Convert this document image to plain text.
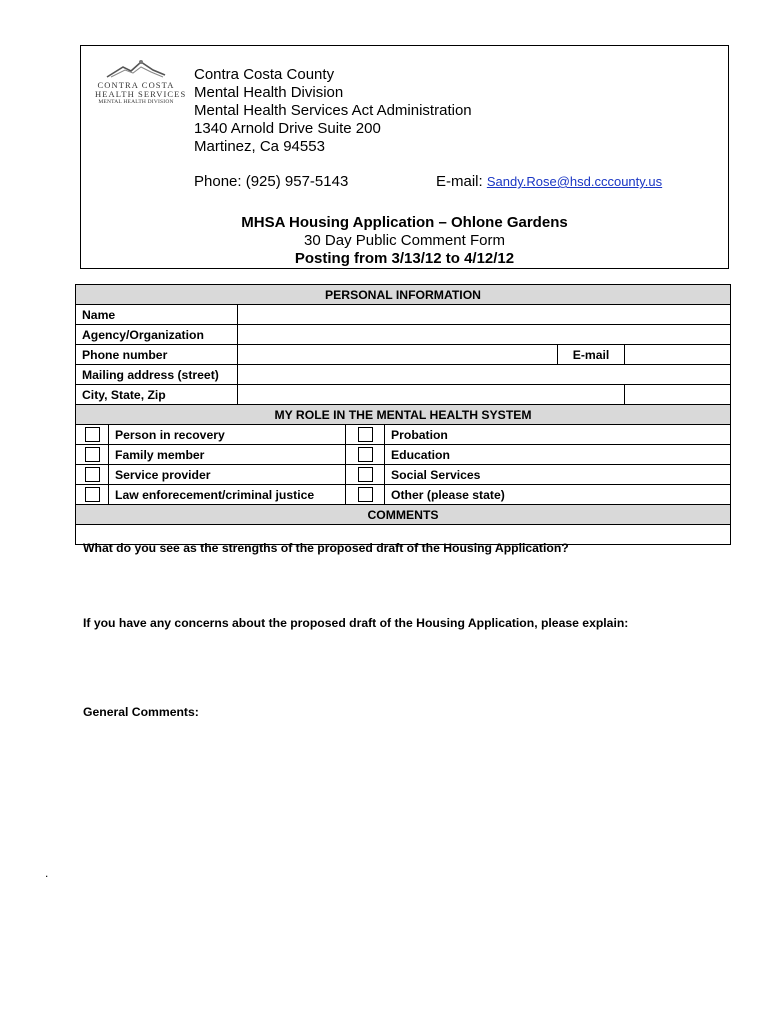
CONTRA COSTA
HEALTH SERVICES
MENTAL HEALTH DIVISION
Contra Costa County
Mental Health Division
Mental Health Services Act Administration
1340 Arnold Drive Suite 200
Martinez, Ca 94553
Phone: (925) 957-5143	E-mail: Sandy.Rose@hsd.cccounty.us
MHSA Housing Application – Ohlone Gardens
30 Day Public Comment Form
Posting from 3/13/12 to 4/12/12
PERSONAL INFORMATION						
Name						
Agency/Organization						
Phone number					E-mail	
Mailing address (street)						
City, State, Zip						
MY ROLE IN THE MENTAL HEALTH SYSTEM						
	Person in recovery			Probation		
	Family member			Education		
	Service provider			Social Services		
	Law enforecement/criminal justice			Other (please state)		
COMMENTS						

What do you see as the strengths of the proposed draft of the Housing Application?
If you have any concerns about the proposed draft of the Housing Application, please explain:
General Comments:						
.
